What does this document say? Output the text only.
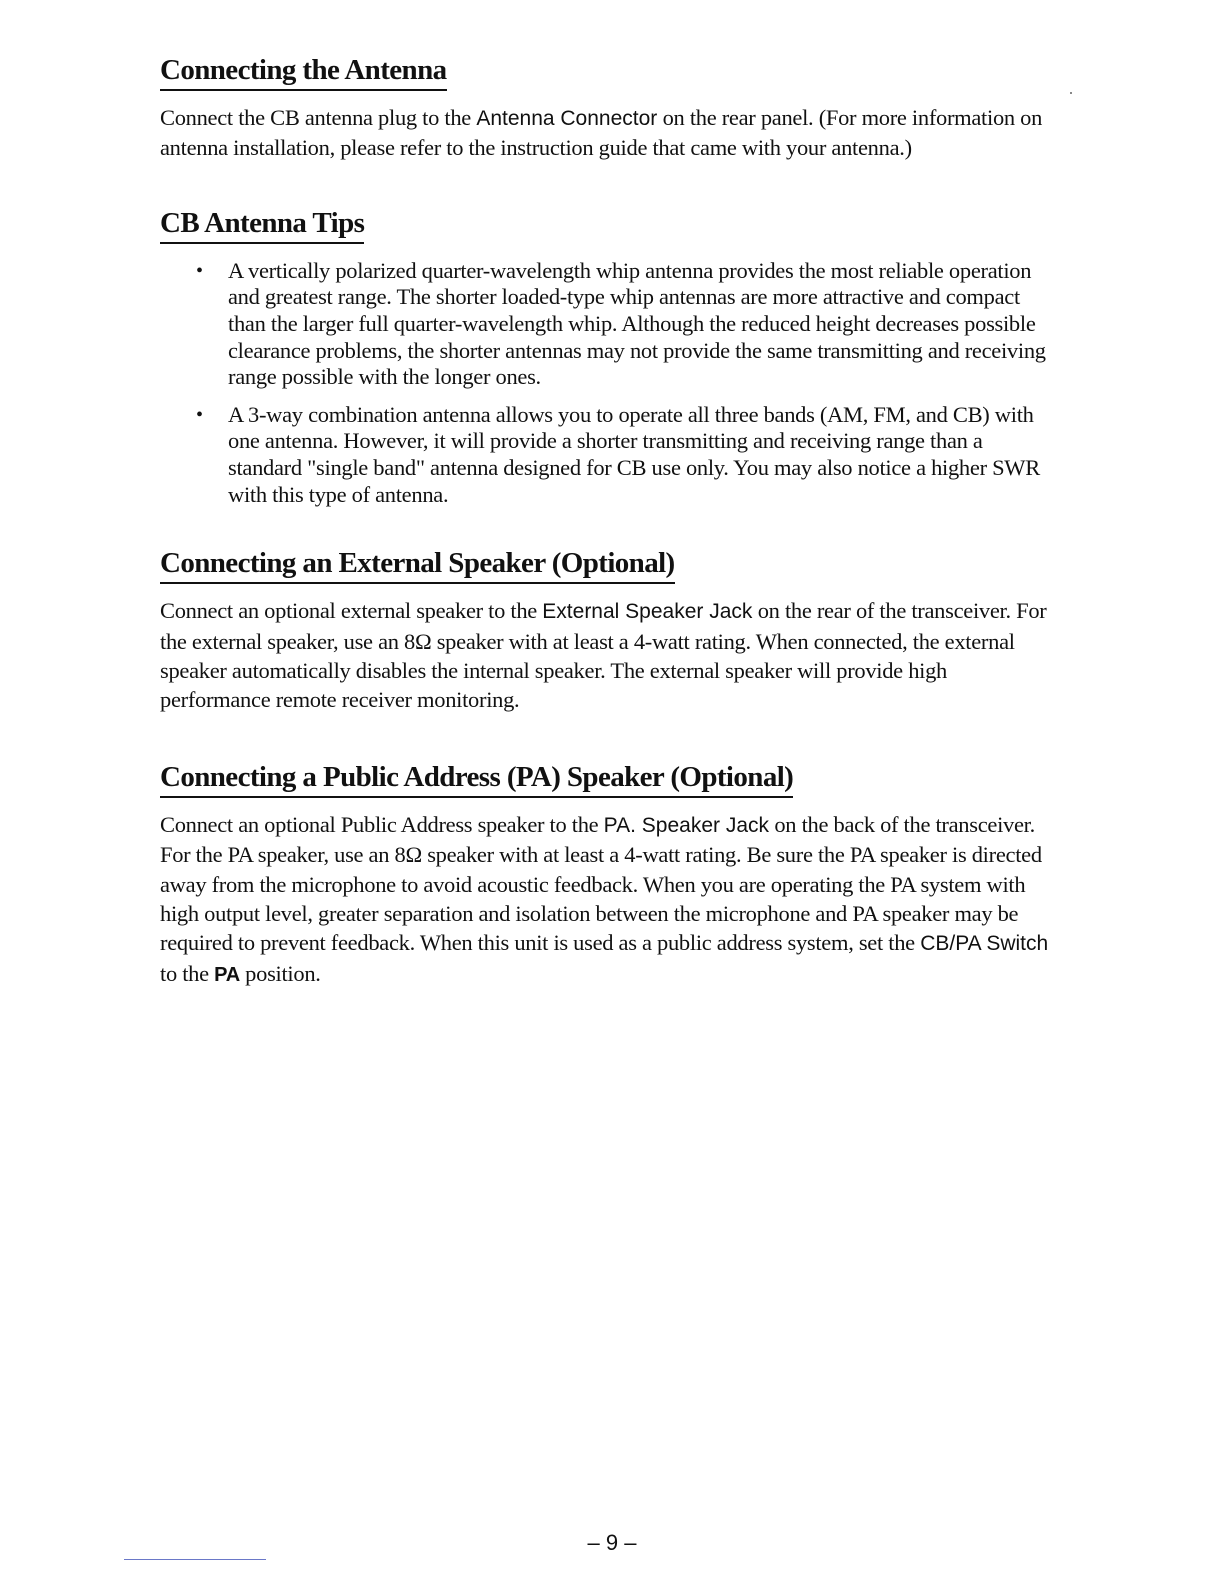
Connecting the Antenna

Connect the CB antenna plug to the Antenna Connector on the rear panel. (For more information on antenna installation, please refer to the instruction guide that came with your antenna.)

CB Antenna Tips
• A vertically polarized quarter-wavelength whip antenna provides the most reliable operation and greatest range. The shorter loaded-type whip antennas are more attractive and compact than the larger full quarter-wavelength whip. Although the reduced height decreases possible clearance problems, the shorter antennas may not provide the same transmitting and receiving range possible with the longer ones.
• A 3-way combination antenna allows you to operate all three bands (AM, FM, and CB) with one antenna. However, it will provide a shorter transmitting and receiving range than a standard "single band" antenna designed for CB use only. You may also notice a higher SWR with this type of antenna.
Connecting an External Speaker (Optional)

Connect an optional external speaker to the External Speaker Jack on the rear of the transceiver. For the external speaker, use an 8Ω speaker with at least a 4-watt rating. When connected, the external speaker automatically disables the internal speaker. The external speaker will provide high performance remote receiver monitoring.

Connecting a Public Address (PA) Speaker (Optional)

Connect an optional Public Address speaker to the PA. Speaker Jack on the back of the transceiver. For the PA speaker, use an 8Ω speaker with at least a 4-watt rating. Be sure the PA speaker is directed away from the microphone to avoid acoustic feedback. When you are operating the PA system with high output level, greater separation and isolation between the microphone and PA speaker may be required to prevent feedback. When this unit is used as a public address system, set the CB/PA Switch to the PA position.

– 9 –
